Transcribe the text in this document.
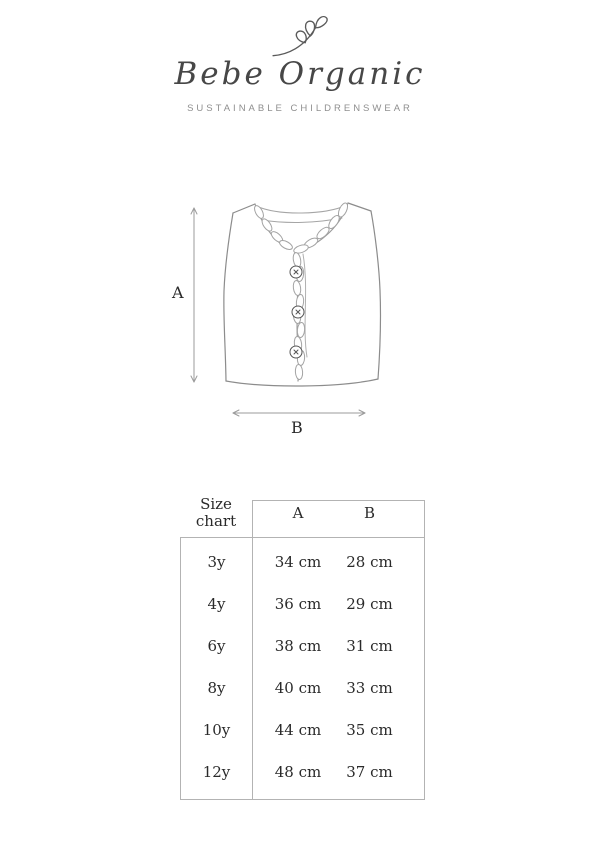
Bebe Organic
SUSTAINABLE CHILDRENSWEAR
A
B
Size chart	A	B
3y	34 cm	28 cm
4y	36 cm	29 cm
6y	38 cm	31 cm
8y	40 cm	33 cm
10y	44 cm	35 cm
12y	48 cm	37 cm
